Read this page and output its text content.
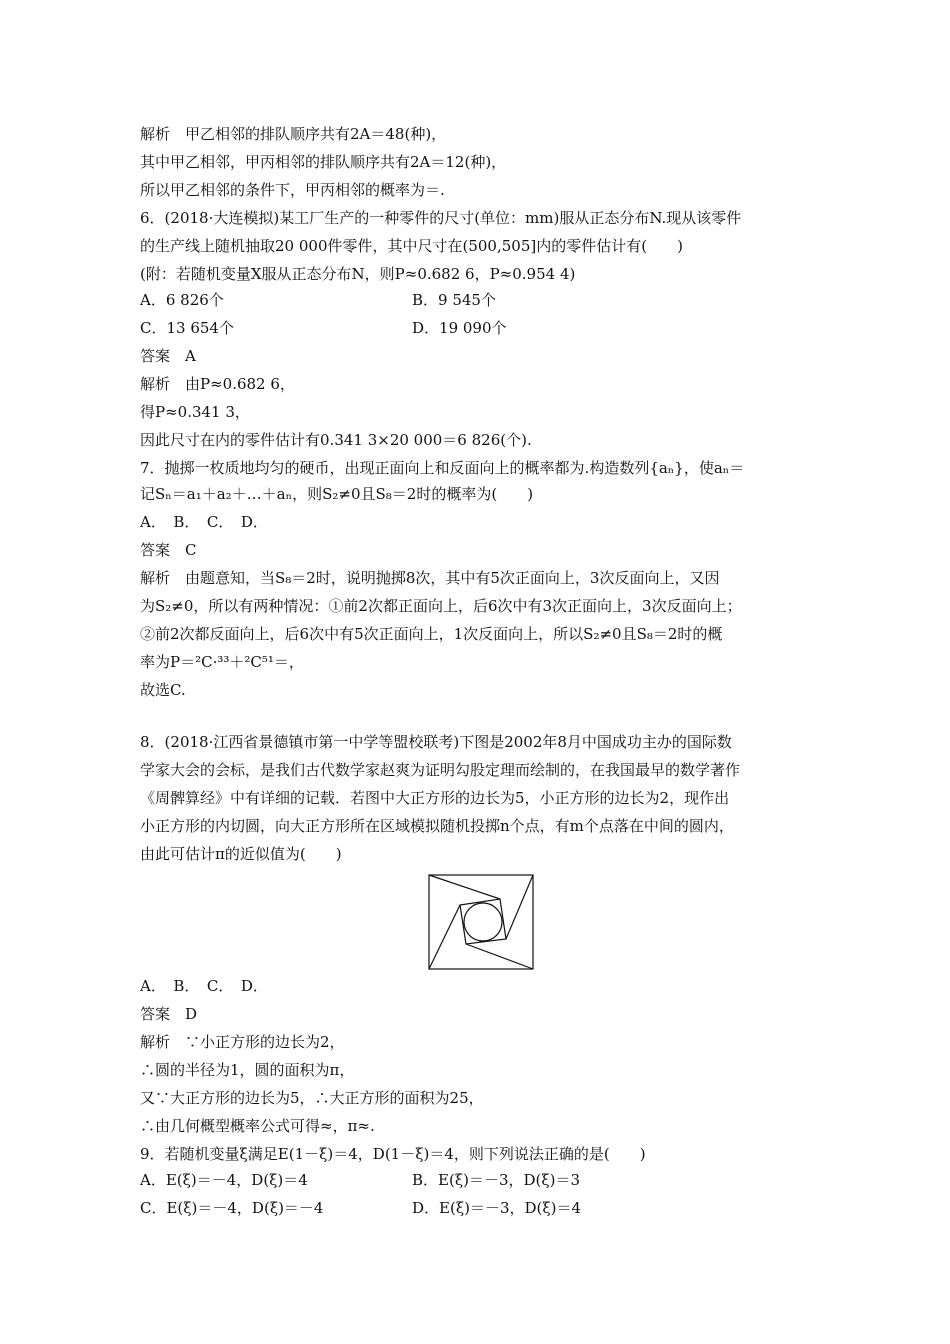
解析　甲乙相邻的排队顺序共有2A＝48(种)，
其中甲乙相邻，甲丙相邻的排队顺序共有2A＝12(种)，
所以甲乙相邻的条件下，甲丙相邻的概率为＝.
6．(2018·大连模拟)某工厂生产的一种零件的尺寸(单位：mm)服从正态分布N.现从该零件
的生产线上随机抽取20 000件零件，其中尺寸在(500,505]内的零件估计有(　　)
(附：若随机变量X服从正态分布N，则P≈0.682 6，P≈0.954 4)
A．6 826个	B．9 545个
C．13 654个	D．19 090个
答案　A
解析　由P≈0.682 6，
得P≈0.341 3，
因此尺寸在内的零件估计有0.341 3×20 000＝6 826(个).
7．抛掷一枚质地均匀的硬币，出现正面向上和反面向上的概率都为.构造数列{aₙ}，使aₙ＝
记Sₙ＝a₁＋a₂＋…＋aₙ，则S₂≠0且S₈＝2时的概率为(　　)
A．　B．　C．　D．
答案　C
解析　由题意知，当S₈＝2时，说明抛掷8次，其中有5次正面向上，3次反面向上，又因
为S₂≠0，所以有两种情况：①前2次都正面向上，后6次中有3次正面向上，3次反面向上；
②前2次都反面向上，后6次中有5次正面向上，1次反面向上，所以S₂≠0且S₈＝2时的概
率为P＝²C·³³＋²C⁵¹＝，
故选C.
8．(2018·江西省景德镇市第一中学等盟校联考)下图是2002年8月中国成功主办的国际数
学家大会的会标，是我们古代数学家赵爽为证明勾股定理而绘制的，在我国最早的数学著作
《周髀算经》中有详细的记载．若图中大正方形的边长为5，小正方形的边长为2，现作出
小正方形的内切圆，向大正方形所在区域模拟随机投掷n个点，有m个点落在中间的圆内，
由此可估计π的近似值为(　　)
A．　B．　C．　D．
答案　D
解析　∵小正方形的边长为2，
∴圆的半径为1，圆的面积为π，
又∵大正方形的边长为5，∴大正方形的面积为25，
∴由几何概型概率公式可得≈，π≈.
9．若随机变量ξ满足E(1－ξ)＝4，D(1－ξ)＝4，则下列说法正确的是(　　)
A．E(ξ)＝－4，D(ξ)＝4	B．E(ξ)＝－3，D(ξ)＝3
C．E(ξ)＝－4，D(ξ)＝－4	D．E(ξ)＝－3，D(ξ)＝4
